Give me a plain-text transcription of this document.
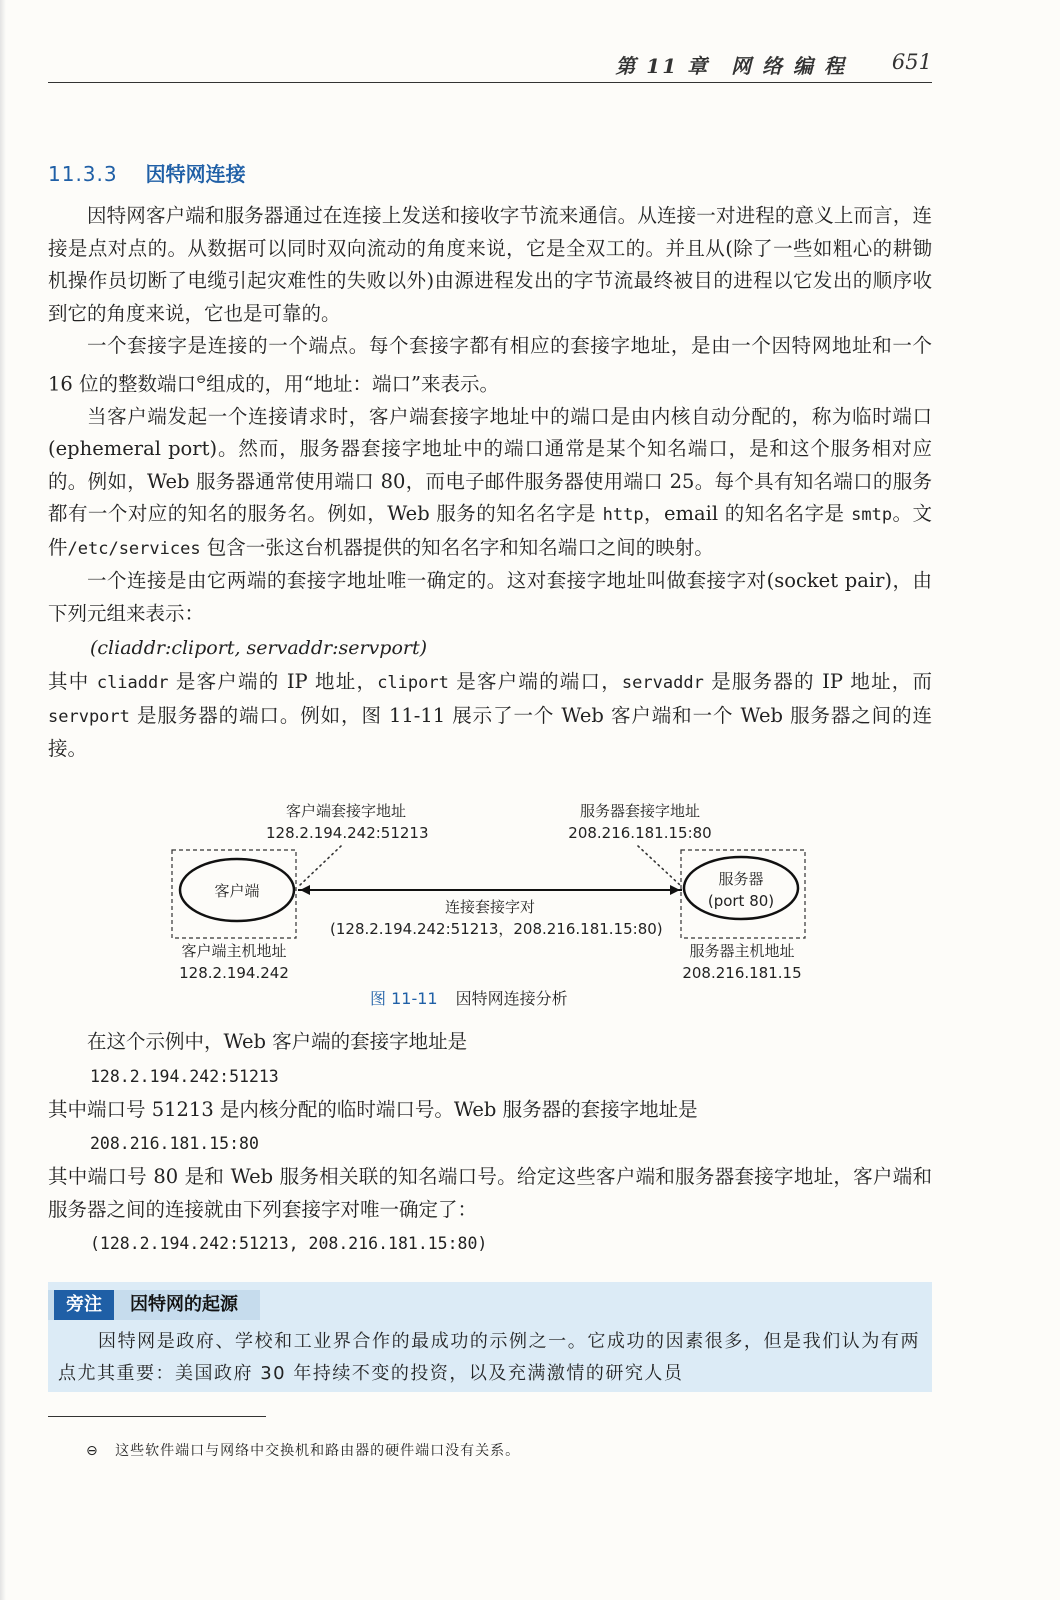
第 11 章　网 络 编 程 651
11.3.3 因特网连接

因特网客户端和服务器通过在连接上发送和接收字节流来通信。从连接一对进程的意义上而言，连接是点对点的。从数据可以同时双向流动的角度来说，它是全双工的。并且从(除了一些如粗心的耕锄机操作员切断了电缆引起灾难性的失败以外)由源进程发出的字节流最终被目的进程以它发出的顺序收到它的角度来说，它也是可靠的。

一个套接字是连接的一个端点。每个套接字都有相应的套接字地址，是由一个因特网地址和一个 16 位的整数端口⊖组成的，用“地址：端口”来表示。

当客户端发起一个连接请求时，客户端套接字地址中的端口是由内核自动分配的，称为临时端口(ephemeral port)。然而，服务器套接字地址中的端口通常是某个知名端口，是和这个服务相对应的。例如，Web 服务器通常使用端口 80，而电子邮件服务器使用端口 25。每个具有知名端口的服务都有一个对应的知名的服务名。例如，Web 服务的知名名字是 http，email 的知名名字是 smtp。文件/etc/services 包含一张这台机器提供的知名名字和知名端口之间的映射。

一个连接是由它两端的套接字地址唯一确定的。这对套接字地址叫做套接字对(socket pair)，由下列元组来表示：

(cliaddr:cliport, servaddr:servport)

其中 cliaddr 是客户端的 IP 地址，cliport 是客户端的端口，servaddr 是服务器的 IP 地址，而 servport 是服务器的端口。例如，图 11-11 展示了一个 Web 客户端和一个 Web 服务器之间的连接。

客户端套接字地址
128.2.194.242:51213
服务器套接字地址
208.216.181.15:80
客户端
服务器
(port 80)
连接套接字对
(128.2.194.242:51213，208.216.181.15:80)
客户端主机地址
128.2.194.242
服务器主机地址
208.216.181.15
图 11-11 因特网连接分析

在这个示例中，Web 客户端的套接字地址是

128.2.194.242:51213

其中端口号 51213 是内核分配的临时端口号。Web 服务器的套接字地址是

208.216.181.15:80

其中端口号 80 是和 Web 服务相关联的知名端口号。给定这些客户端和服务器套接字地址，客户端和服务器之间的连接就由下列套接字对唯一确定了：

(128.2.194.242:51213, 208.216.181.15:80)

旁注	因特网的起源

因特网是政府、学校和工业界合作的最成功的示例之一。它成功的因素很多，但是我们认为有两点尤其重要：美国政府 30 年持续不变的投资，以及充满激情的研究人员

⊖ 这些软件端口与网络中交换机和路由器的硬件端口没有关系。
